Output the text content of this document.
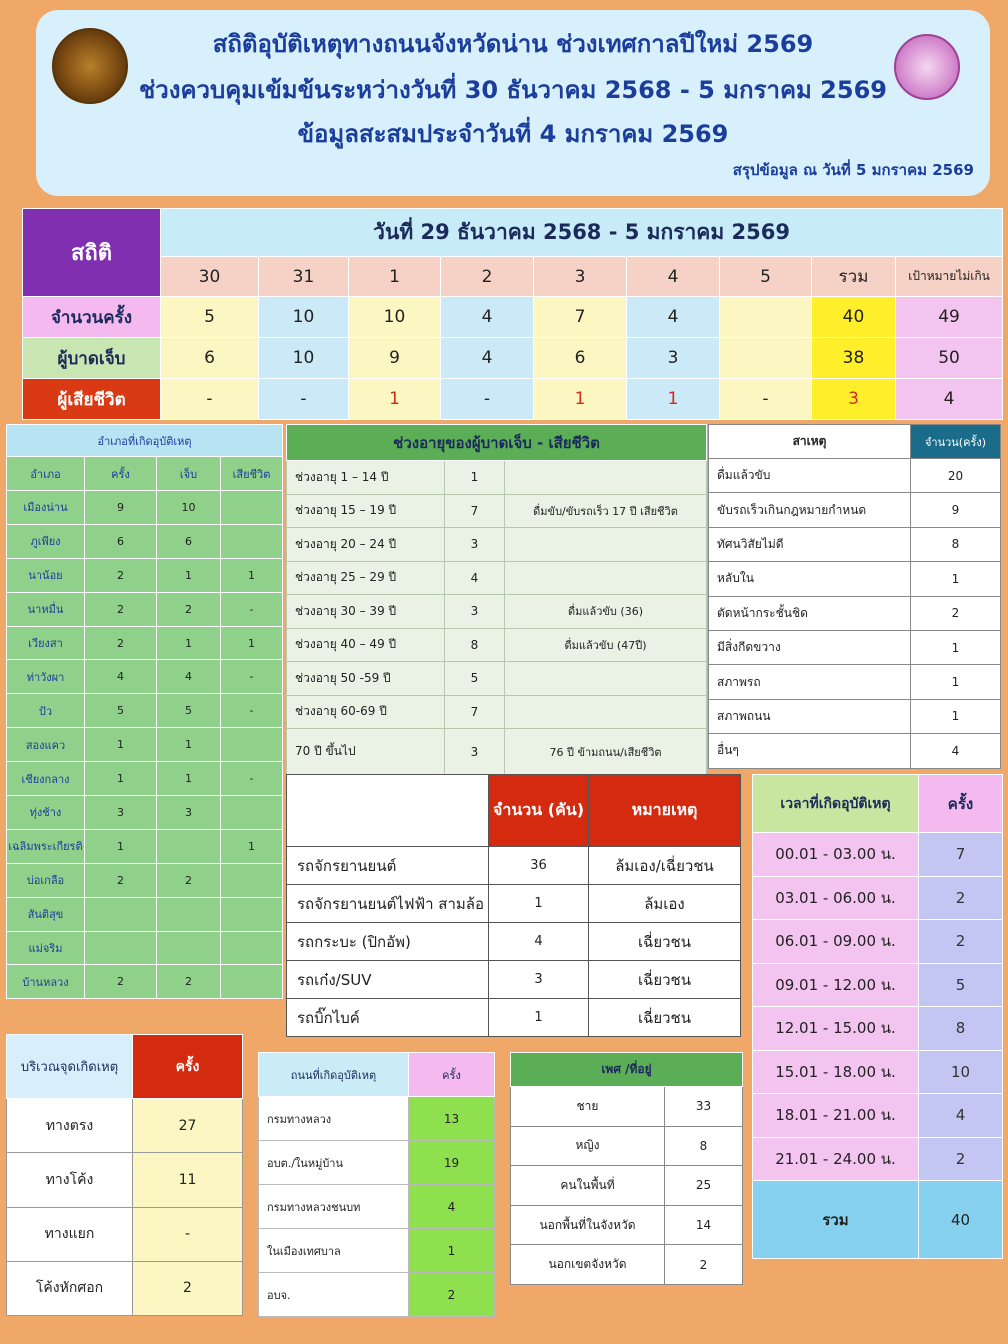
สถิติอุบัติเหตุทางถนนจังหวัดน่าน ช่วงเทศกาลปีใหม่ 2569
ช่วงควบคุมเข้มข้นระหว่างวันที่ 30 ธันวาคม 2568 - 5 มกราคม 2569
ข้อมูลสะสมประจำวันที่ 4 มกราคม 2569
สรุปข้อมูล ณ วันที่ 5 มกราคม 2569
สถิติ	วันที่ 29 ธันวาคม 2568 - 5 มกราคม 2569								
	30	31	1	2	3	4	5	รวม	เป้าหมายไม่เกิน
จำนวนครั้ง	5	10	10	4	7	4		40	49
ผู้บาดเจ็บ	6	10	9	4	6	3		38	50
ผู้เสียชีวิต	-	-	1	-	1	1	-	3	4
อำเภอที่เกิดอุบัติเหตุ			
อำเภอ	ครั้ง	เจ็บ	เสียชีวิต
เมืองน่าน	9	10	
ภูเพียง	6	6	
นาน้อย	2	1	1
นาหมื่น	2	2	-
เวียงสา	2	1	1
ท่าวังผา	4	4	-
ปัว	5	5	-
สองแคว	1	1	
เชียงกลาง	1	1	-
ทุ่งช้าง	3	3	
เฉลิมพระเกียรติ	1		1
บ่อเกลือ	2	2	
สันติสุข			
แม่จริม			
บ้านหลวง	2	2	
ช่วงอายุของผู้บาดเจ็บ - เสียชีวิต		
ช่วงอายุ 1 – 14 ปี	1	
ช่วงอายุ 15 – 19 ปี	7	ดื่มขับ/ขับรถเร็ว 17 ปี เสียชีวิต
ช่วงอายุ 20 – 24 ปี	3	
ช่วงอายุ 25 – 29 ปี	4	
ช่วงอายุ 30 – 39 ปี	3	ดื่มแล้วขับ (36)
ช่วงอายุ 40 – 49 ปี	8	ดื่มแล้วขับ (47ปี)
ช่วงอายุ 50 -59 ปี	5	
ช่วงอายุ 60-69 ปี	7	
70 ปี ขึ้นไป	3	76 ปี ข้ามถนน/เสียชีวิต
สาเหตุ	จำนวน(ครั้ง)
ดื่มแล้วขับ	20
ขับรถเร็วเกินกฎหมายกำหนด	9
ทัศนวิสัยไม่ดี	8
หลับใน	1
ตัดหน้ากระชั้นชิด	2
มีสิ่งกีดขวาง	1
สภาพรถ	1
สภาพถนน	1
อื่นๆ	4
	จำนวน (คัน)	หมายเหตุ
รถจักรยานยนต์	36	ล้มเอง/เฉี่ยวชน
รถจักรยานยนต์ไฟฟ้า สามล้อ	1	ล้มเอง
รถกระบะ (ปิกอัพ)	4	เฉี่ยวชน
รถเก๋ง/SUV	3	เฉี่ยวชน
รถบิ๊กไบค์	1	เฉี่ยวชน
เวลาที่เกิดอุบัติเหตุ	ครั้ง
00.01 - 03.00 น.	7
03.01 - 06.00 น.	2
06.01 - 09.00 น.	2
09.01 - 12.00 น.	5
12.01 - 15.00 น.	8
15.01 - 18.00 น.	10
18.01 - 21.00 น.	4
21.01 - 24.00 น.	2
รวม	40
บริเวณจุดเกิดเหตุ	ครั้ง
ทางตรง	27
ทางโค้ง	11
ทางแยก	-
โค้งหักศอก	2
ถนนที่เกิดอุบัติเหตุ	ครั้ง
กรมทางหลวง	13
อบต./ในหมู่บ้าน	19
กรมทางหลวงชนบท	4
ในเมืองเทศบาล	1
อบจ.	2
เพศ /ที่อยู่	
ชาย	33
หญิง	8
คนในพื้นที่	25
นอกพื้นที่ในจังหวัด	14
นอกเขตจังหวัด	2
